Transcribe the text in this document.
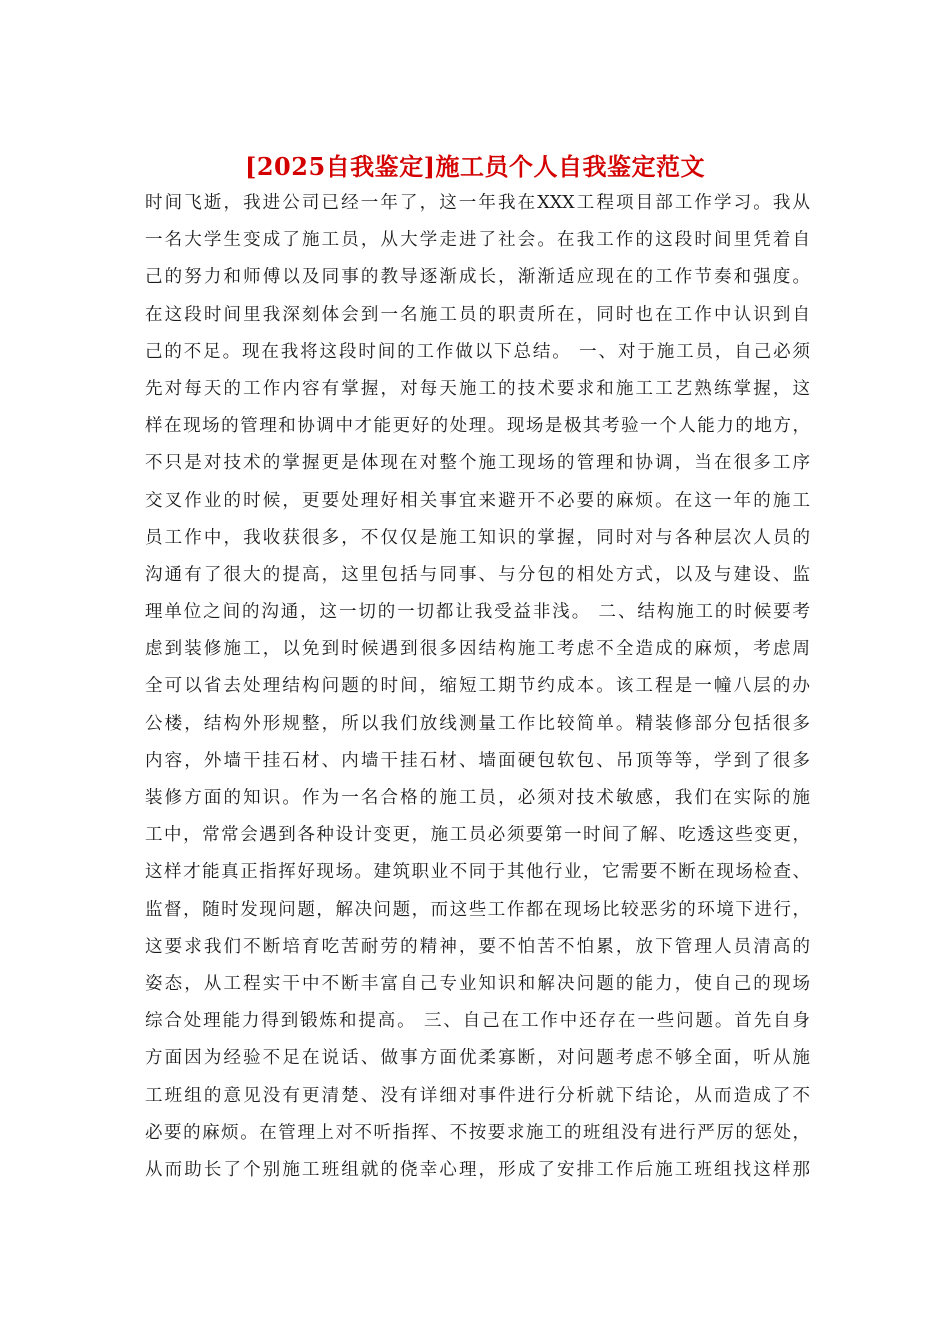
[2025自我鉴定]施工员个人自我鉴定范文
时间飞逝，我进公司已经一年了，这一年我在XXX工程项目部工作学习。我从
一名大学生变成了施工员，从大学走进了社会。在我工作的这段时间里凭着自
己的努力和师傅以及同事的教导逐渐成长，渐渐适应现在的工作节奏和强度。
在这段时间里我深刻体会到一名施工员的职责所在，同时也在工作中认识到自
己的不足。现在我将这段时间的工作做以下总结。 一、对于施工员，自己必须
先对每天的工作内容有掌握，对每天施工的技术要求和施工工艺熟练掌握，这
样在现场的管理和协调中才能更好的处理。现场是极其考验一个人能力的地方，
不只是对技术的掌握更是体现在对整个施工现场的管理和协调，当在很多工序
交叉作业的时候，更要处理好相关事宜来避开不必要的麻烦。在这一年的施工
员工作中，我收获很多，不仅仅是施工知识的掌握，同时对与各种层次人员的
沟通有了很大的提高，这里包括与同事、与分包的相处方式，以及与建设、监
理单位之间的沟通，这一切的一切都让我受益非浅。 二、结构施工的时候要考
虑到装修施工，以免到时候遇到很多因结构施工考虑不全造成的麻烦，考虑周
全可以省去处理结构问题的时间，缩短工期节约成本。该工程是一幢八层的办
公楼，结构外形规整，所以我们放线测量工作比较简单。精装修部分包括很多
内容，外墙干挂石材、内墙干挂石材、墙面硬包软包、吊顶等等，学到了很多
装修方面的知识。作为一名合格的施工员，必须对技术敏感，我们在实际的施
工中，常常会遇到各种设计变更，施工员必须要第一时间了解、吃透这些变更，
这样才能真正指挥好现场。建筑职业不同于其他行业，它需要不断在现场检查、
监督，随时发现问题，解决问题，而这些工作都在现场比较恶劣的环境下进行，
这要求我们不断培育吃苦耐劳的精神，要不怕苦不怕累，放下管理人员清高的
姿态，从工程实干中不断丰富自己专业知识和解决问题的能力，使自己的现场
综合处理能力得到锻炼和提高。 三、自己在工作中还存在一些问题。首先自身
方面因为经验不足在说话、做事方面优柔寡断，对问题考虑不够全面，听从施
工班组的意见没有更清楚、没有详细对事件进行分析就下结论，从而造成了不
必要的麻烦。在管理上对不听指挥、不按要求施工的班组没有进行严厉的惩处，
从而助长了个别施工班组就的侥幸心理，形成了安排工作后施工班组找这样那
